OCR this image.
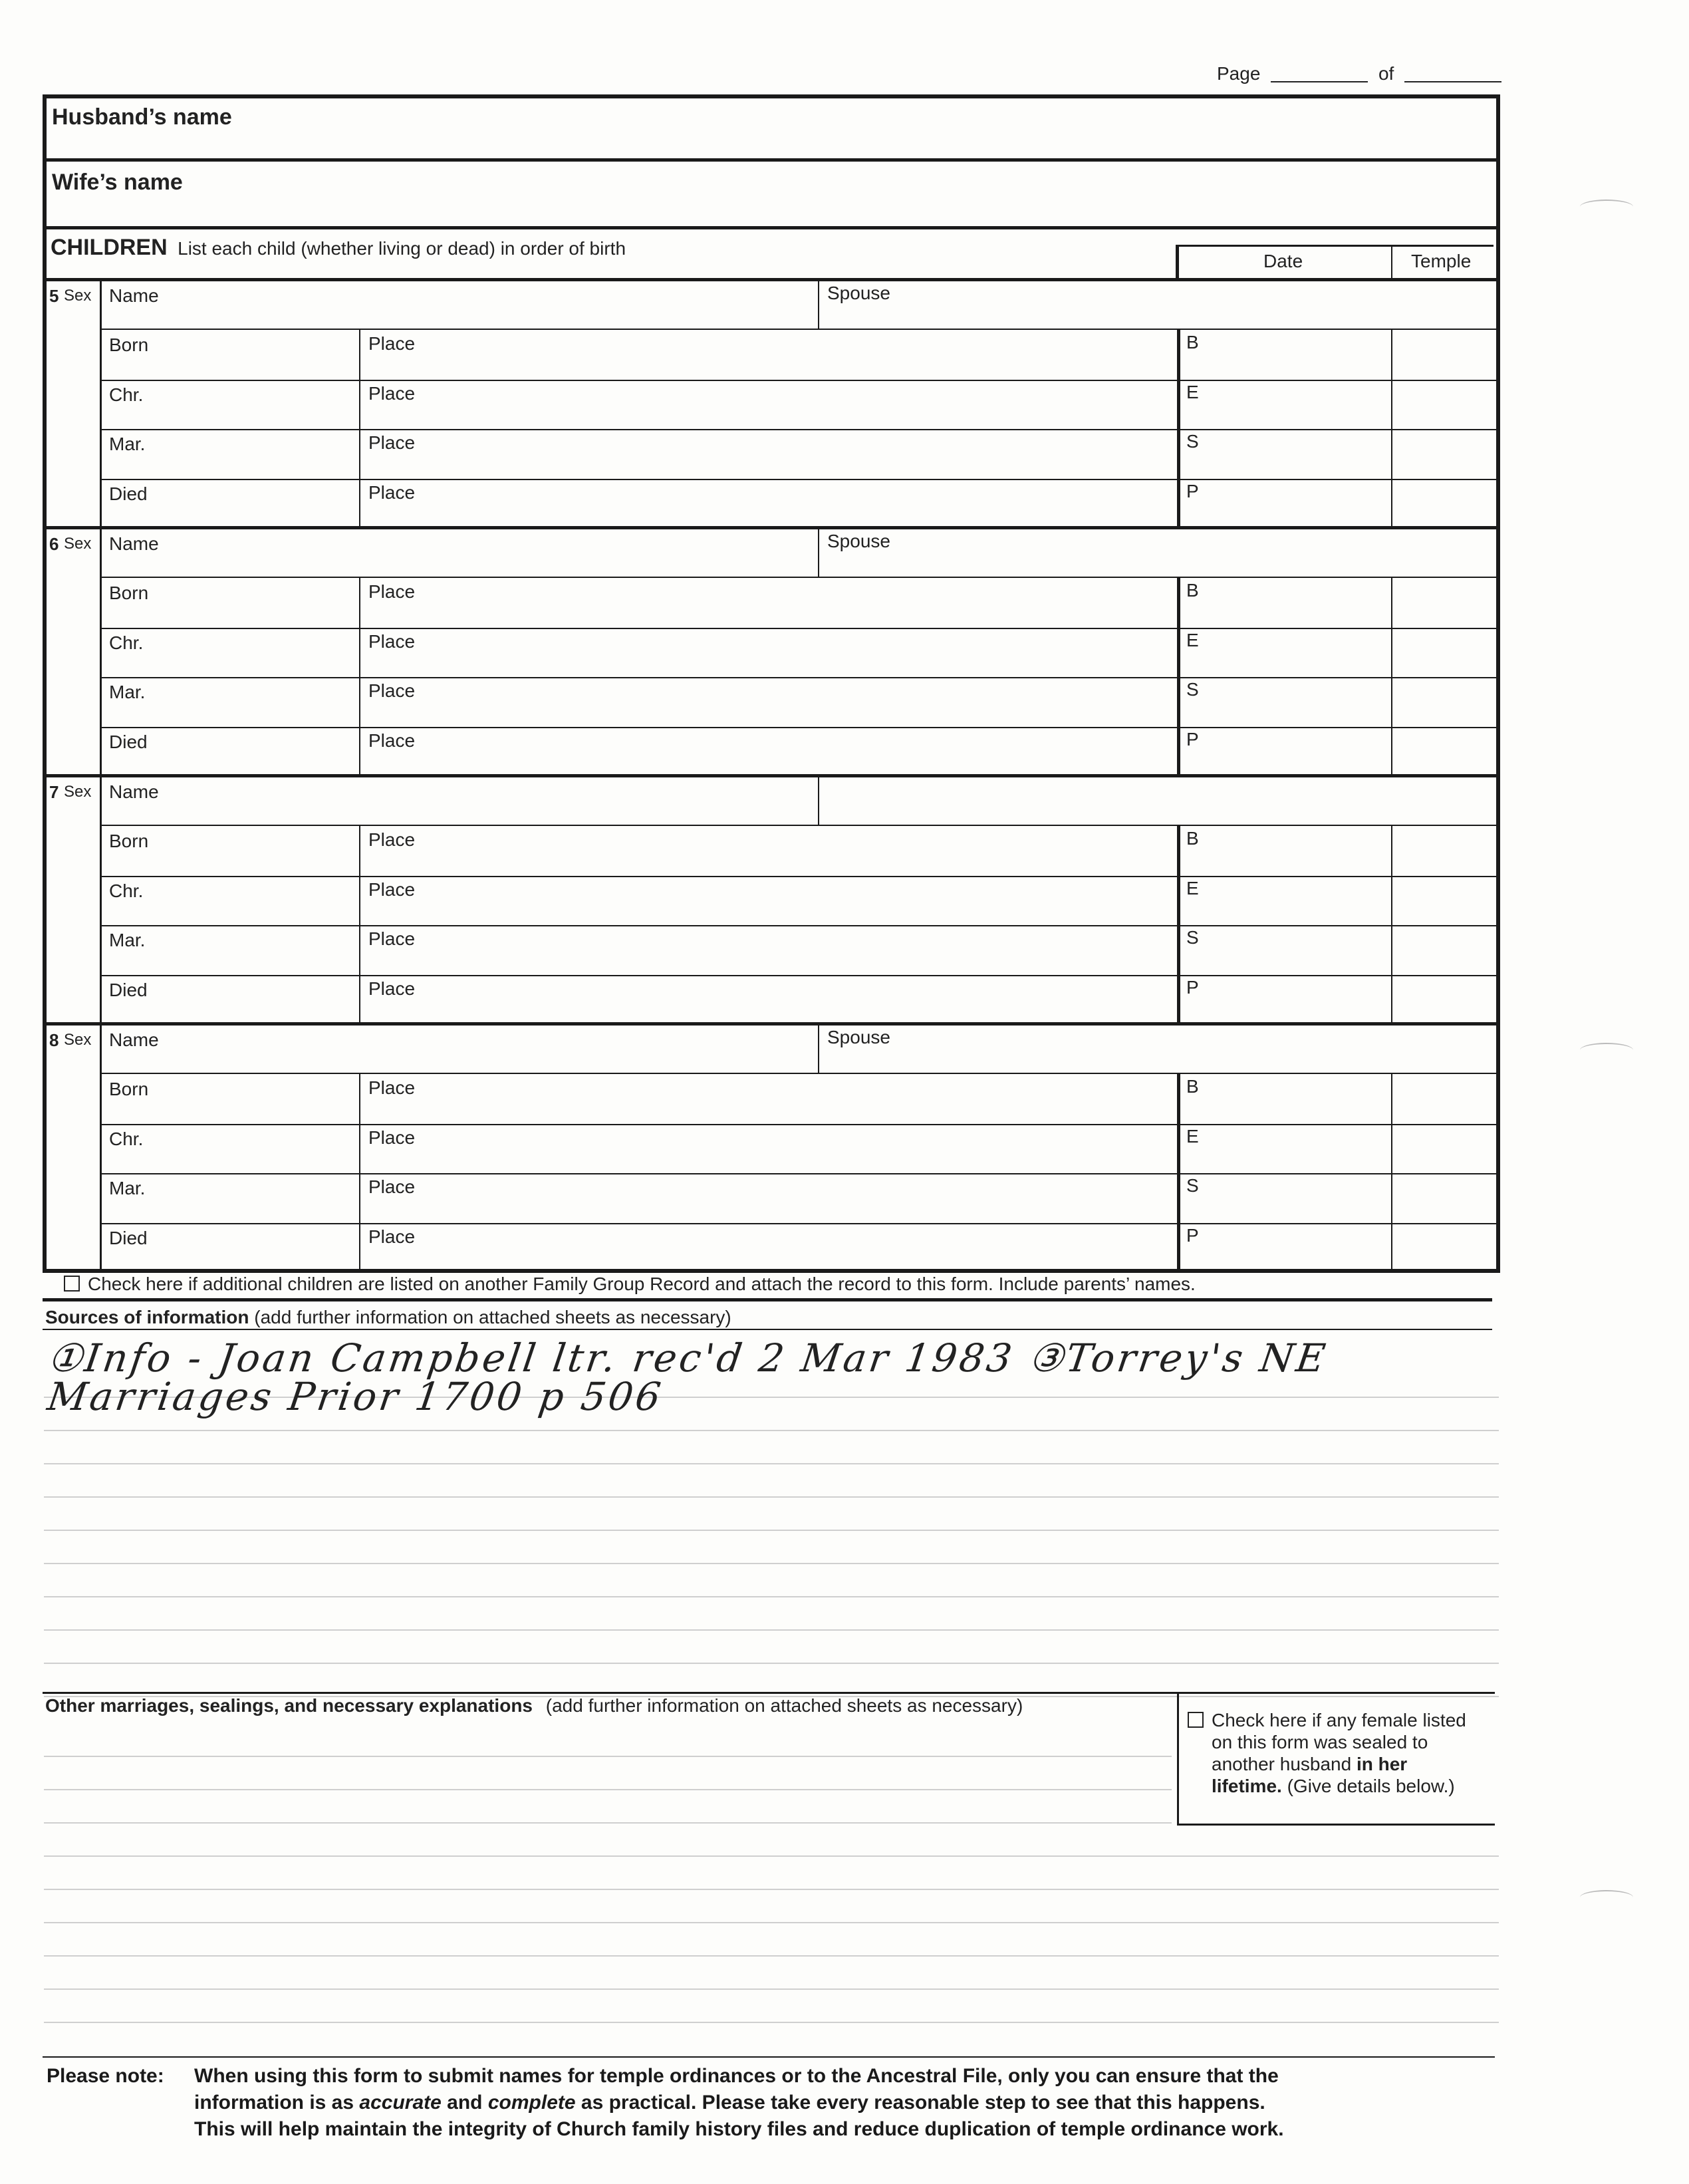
Page	of
Husband’s name
Wife’s name
CHILDREN List each child (whether living or dead) in order of birth
Date	Temple
5 Sex Name	Spouse
Born	Place	B
Chr.	Place	E
Mar.	Place	S
Died	Place	P
6 Sex Name	Spouse
Born	Place	B
Chr.	Place	E
Mar.	Place	S
Died	Place	P
7 Sex Name
Born	Place	B
Chr.	Place	E
Mar.	Place	S
Died	Place	P
8 Sex Name	Spouse
Born	Place	B
Chr.	Place	E
Mar.	Place	S
Died	Place	P
Check here if additional children are listed on another Family Group Record and attach the record to this form. Include parents’ names.
Sources of information (add further information on attached sheets as necessary)
①Info - Joan Campbell ltr. rec'd 2 Mar 1983 ③Torrey's NE
Marriages Prior 1700 p 506
Other marriages, sealings, and necessary explanations (add further information on attached sheets as necessary)
Check here if any female listed
on this form was sealed to
another husband in her
lifetime. (Give details below.)
Please note: When using this form to submit names for temple ordinances or to the Ancestral File, only you can ensure that the
information is as accurate and complete as practical. Please take every reasonable step to see that this happens.
This will help maintain the integrity of Church family history files and reduce duplication of temple ordinance work.
